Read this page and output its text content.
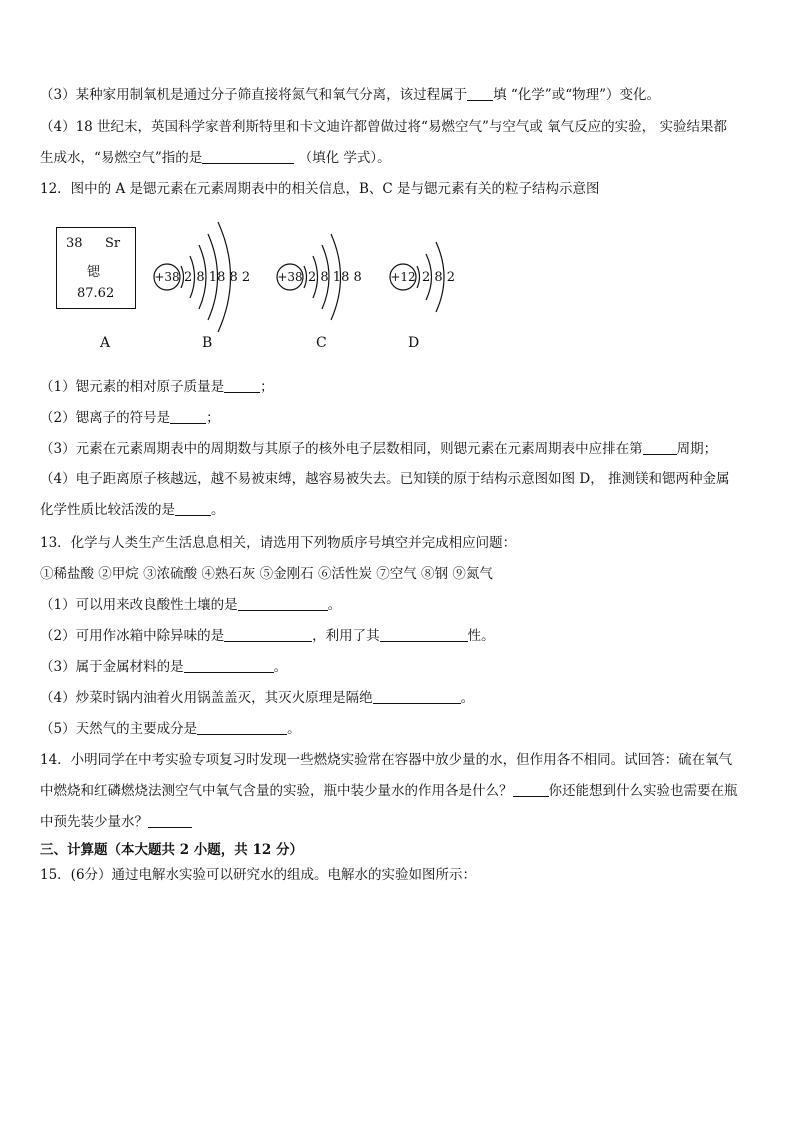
（3）某种家用制氧机是通过分子筛直接将氮气和氧气分离，该过程属于 填 “化学”或“物理”）变化。
（4）18 世纪末，英国科学家普利斯特里和卡文迪许都曾做过将“易燃空气”与空气或 氧气反应的实验， 实验结果都
生成水，“易燃空气”指的是	（填化 学式）。
12．图中的 A 是锶元素在元素周期表中的相关信息，B、C 是与锶元素有关的粒子结构示意图
38 Sr
锶
87.62
+38 2 8 18 8 2 +38 2 8 18 8 +12 2 8 2
A	B	C	D
（1）锶元素的相对原子质量是	；
（2）锶离子的符号是	；
（3）元素在元素周期表中的周期数与其原子的核外电子层数相同，则锶元素在元素周期表中应排在第	周期；
（4）电子距离原子核越远，越不易被束缚，越容易被失去。已知镁的原于结构示意图如图 D， 推测镁和锶两种金属
化学性质比较活泼的是	。
13．化学与人类生产生活息息相关，请选用下列物质序号填空并完成相应问题：
①稀盐酸 ②甲烷 ③浓硫酸 ④熟石灰 ⑤金刚石 ⑥活性炭 ⑦空气 ⑧钢 ⑨氮气
（1）可以用来改良酸性土壤的是	。
（2）可用作冰箱中除异味的是	，利用了其	性。
（3）属于金属材料的是	。
（4）炒菜时锅内油着火用锅盖盖灭，其灭火原理是隔绝	。
（5）天然气的主要成分是	。
14．小明同学在中考实验专项复习时发现一些燃烧实验常在容器中放少量的水，但作用各不相同。试回答：硫在氧气
中燃烧和红磷燃烧法测空气中氧气含量的实验，瓶中装少量水的作用各是什么？	你还能想到什么实验也需要在瓶
中预先装少量水？
三、计算题（本大题共 2 小题，共 12 分）
15．(6分）通过电解水实验可以研究水的组成。电解水的实验如图所示：
